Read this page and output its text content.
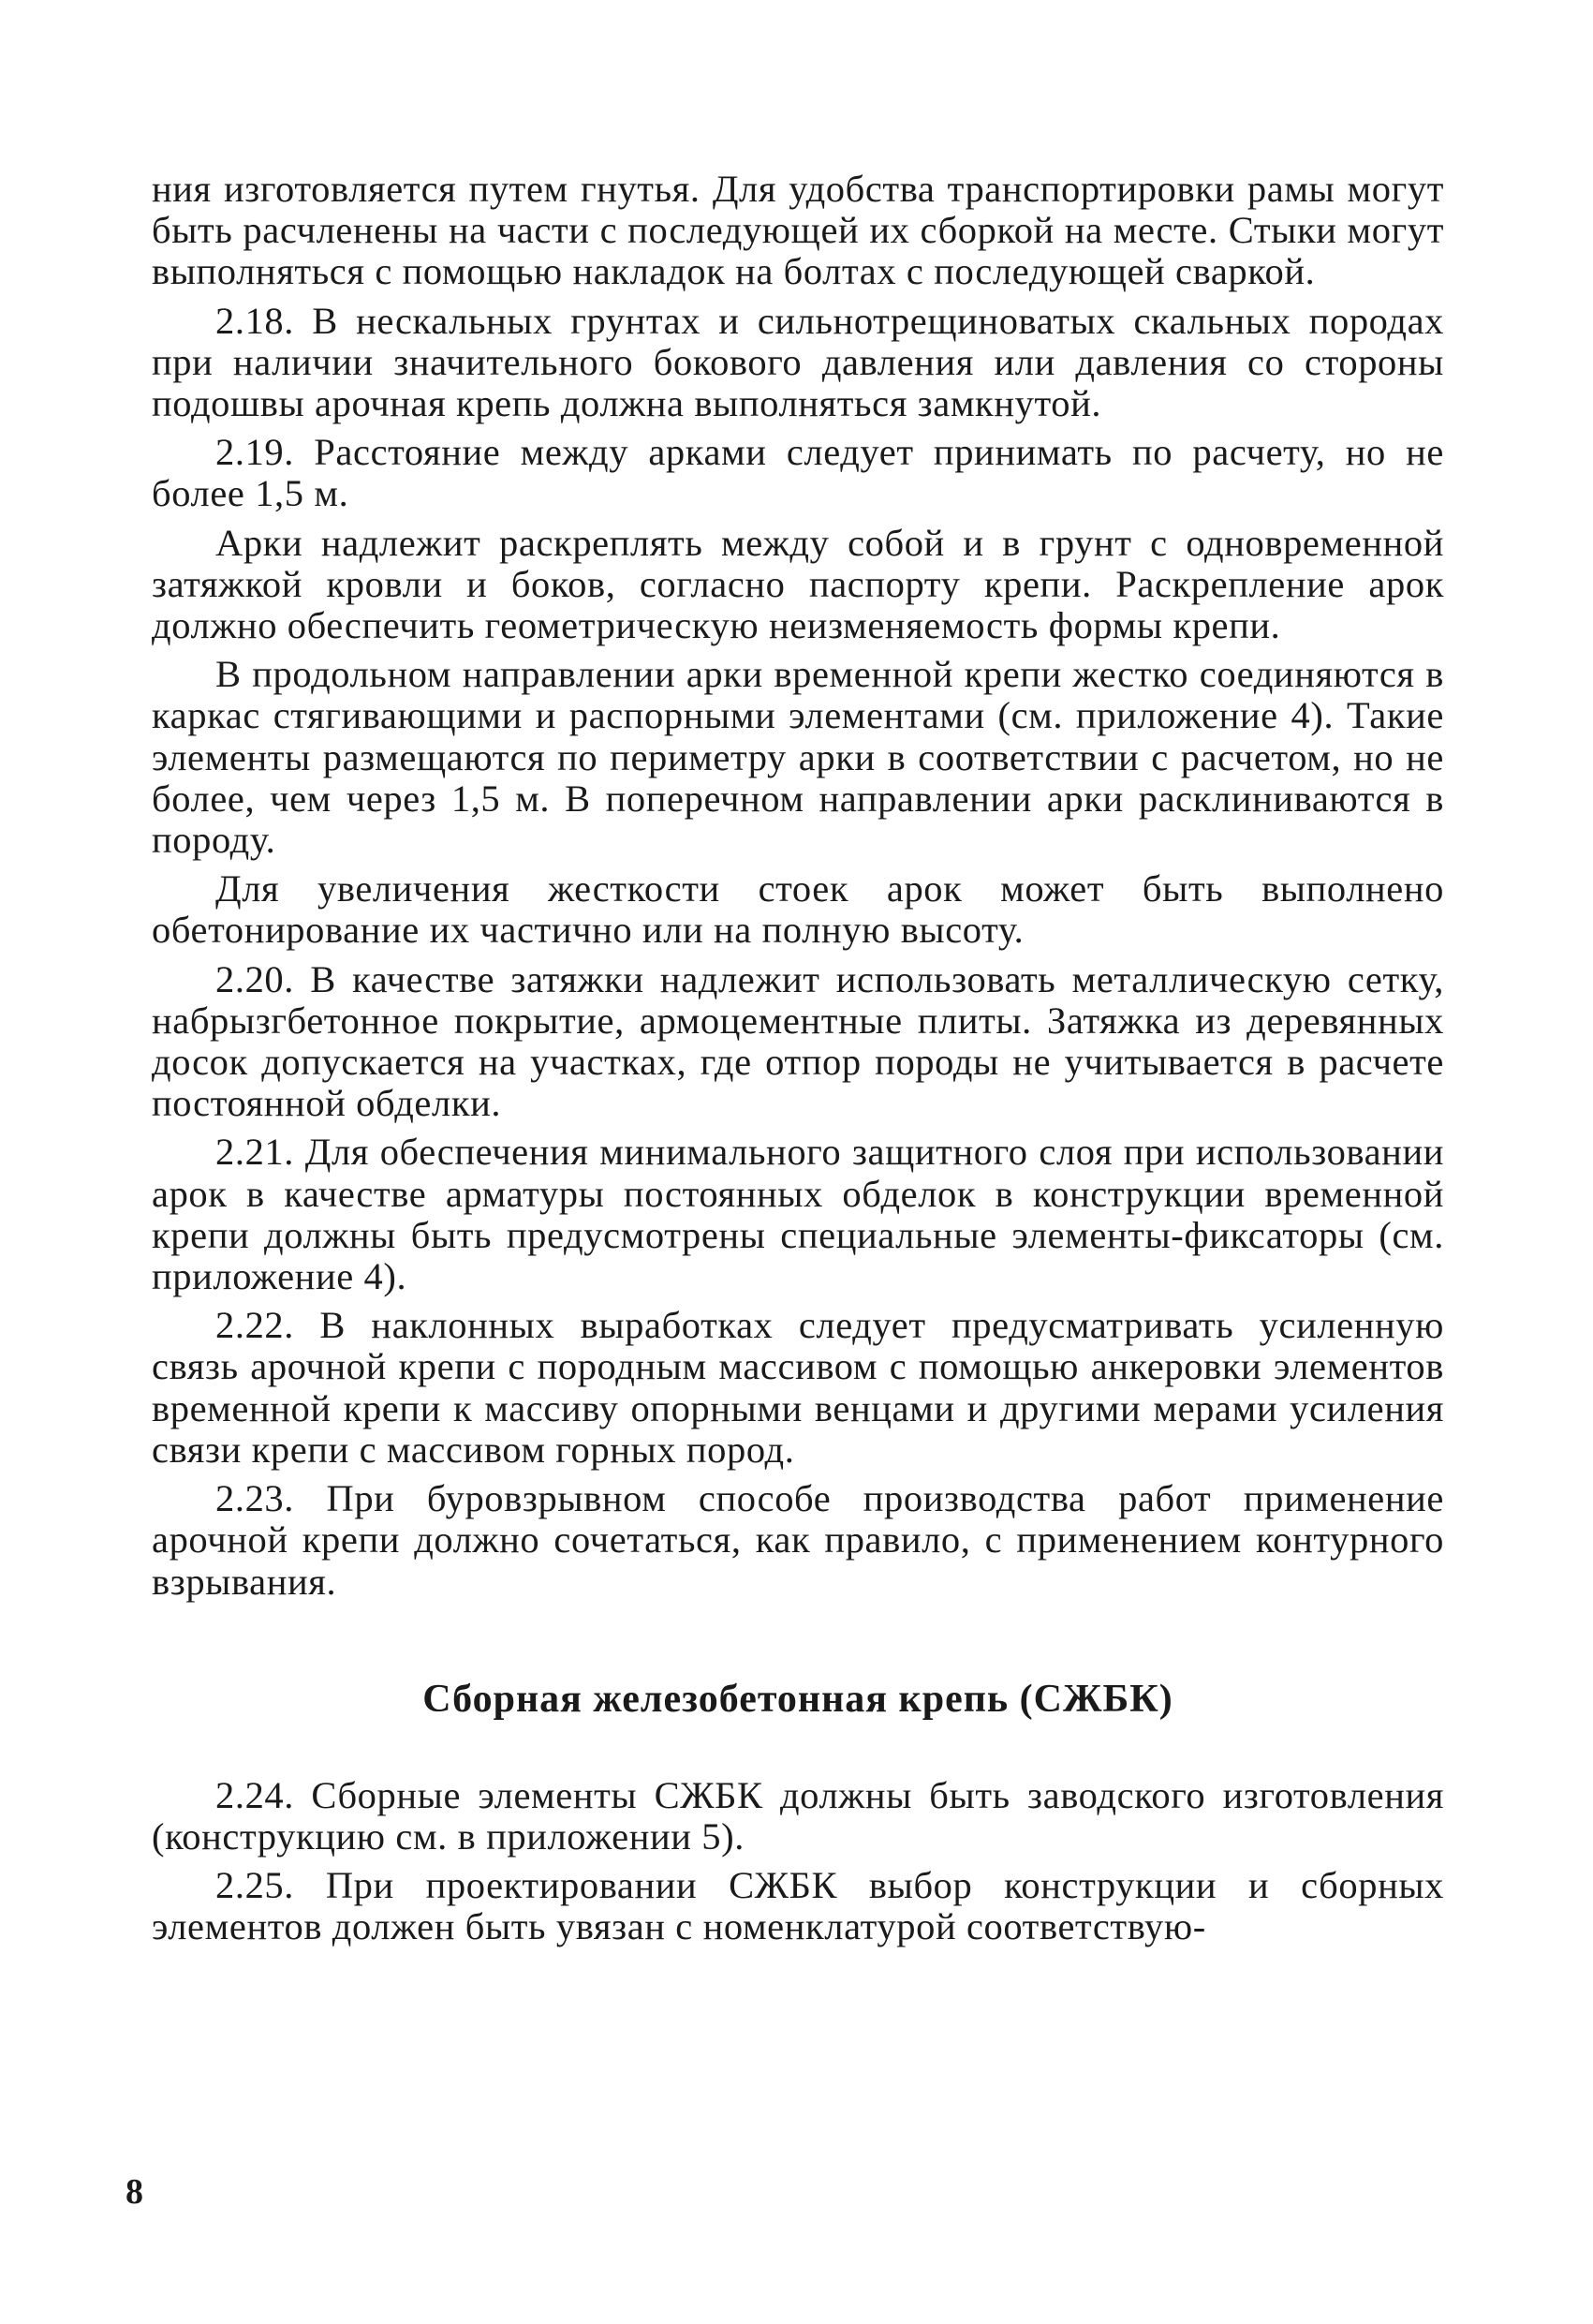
ния изготовляется путем гнутья. Для удобства транспортировки рамы могут быть расчленены на части с последующей их сборкой на месте. Стыки могут выполняться с помощью накладок на болтах с последующей сваркой.

2.18. В нескальных грунтах и сильнотрещиноватых скальных породах при наличии значительного бокового давления или давления со стороны подошвы арочная крепь должна выполняться замкнутой.

2.19. Расстояние между арками следует принимать по расчету, но не более 1,5 м.

Арки надлежит раскреплять между собой и в грунт с одновременной затяжкой кровли и боков, согласно паспорту крепи. Раскрепление арок должно обеспечить геометрическую неизменяемость формы крепи.

В продольном направлении арки временной крепи жестко соединяются в каркас стягивающими и распорными элементами (см. приложение 4). Такие элементы размещаются по периметру арки в соответствии с расчетом, но не более, чем через 1,5 м. В поперечном направлении арки расклиниваются в породу.

Для увеличения жесткости стоек арок может быть выполнено обетонирование их частично или на полную высоту.

2.20. В качестве затяжки надлежит использовать металлическую сетку, набрызгбетонное покрытие, армоцементные плиты. Затяжка из деревянных досок допускается на участках, где отпор породы не учитывается в расчете постоянной обделки.

2.21. Для обеспечения минимального защитного слоя при использовании арок в качестве арматуры постоянных обделок в конструкции временной крепи должны быть предусмотрены специальные элементы-фиксаторы (см. приложение 4).

2.22. В наклонных выработках следует предусматривать усиленную связь арочной крепи с породным массивом с помощью анкеровки элементов временной крепи к массиву опорными венцами и другими мерами усиления связи крепи с массивом горных пород.

2.23. При буровзрывном способе производства работ применение арочной крепи должно сочетаться, как правило, с применением контурного взрывания.

Сборная железобетонная крепь (СЖБК)

2.24. Сборные элементы СЖБК должны быть заводского изготовления (конструкцию см. в приложении 5).

2.25. При проектировании СЖБК выбор конструкции и сборных элементов должен быть увязан с номенклатурой соответствую-

8
